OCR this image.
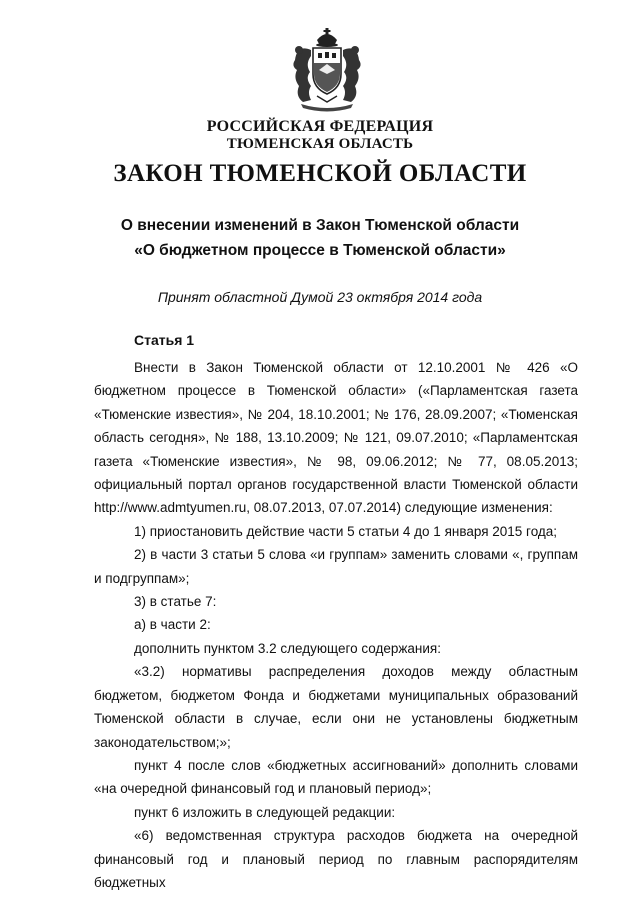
РОССИЙСКАЯ ФЕДЕРАЦИЯ
ТЮМЕНСКАЯ ОБЛАСТЬ
ЗАКОН ТЮМЕНСКОЙ ОБЛАСТИ
О внесении изменений в Закон Тюменской области
«О бюджетном процессе в Тюменской области»
Принят областной Думой 23 октября 2014 года
Статья 1

Внести в Закон Тюменской области от 12.10.2001 № 426 «О бюджетном процессе в Тюменской области» («Парламентская газета «Тюменские известия», № 204, 18.10.2001; № 176, 28.09.2007; «Тюменская область сегодня», № 188, 13.10.2009; № 121, 09.07.2010; «Парламентская газета «Тюменские известия», № 98, 09.06.2012; № 77, 08.05.2013; официальный портал органов государственной власти Тюменской области http://www.admtyumen.ru, 08.07.2013, 07.07.2014) следующие изменения:

1) приостановить действие части 5 статьи 4 до 1 января 2015 года;

2) в части 3 статьи 5 слова «и группам» заменить словами «, группам и подгруппам»;

3) в статье 7:

а) в части 2:

дополнить пунктом 3.2 следующего содержания:

«3.2) нормативы распределения доходов между областным бюджетом, бюджетом Фонда и бюджетами муниципальных образований Тюменской области в случае, если они не установлены бюджетным законодательством;»;

пункт 4 после слов «бюджетных ассигнований» дополнить словами «на очередной финансовый год и плановый период»;

пункт 6 изложить в следующей редакции:

«6) ведомственная структура расходов бюджета на очередной финансовый год и плановый период по главным распорядителям бюджетных
